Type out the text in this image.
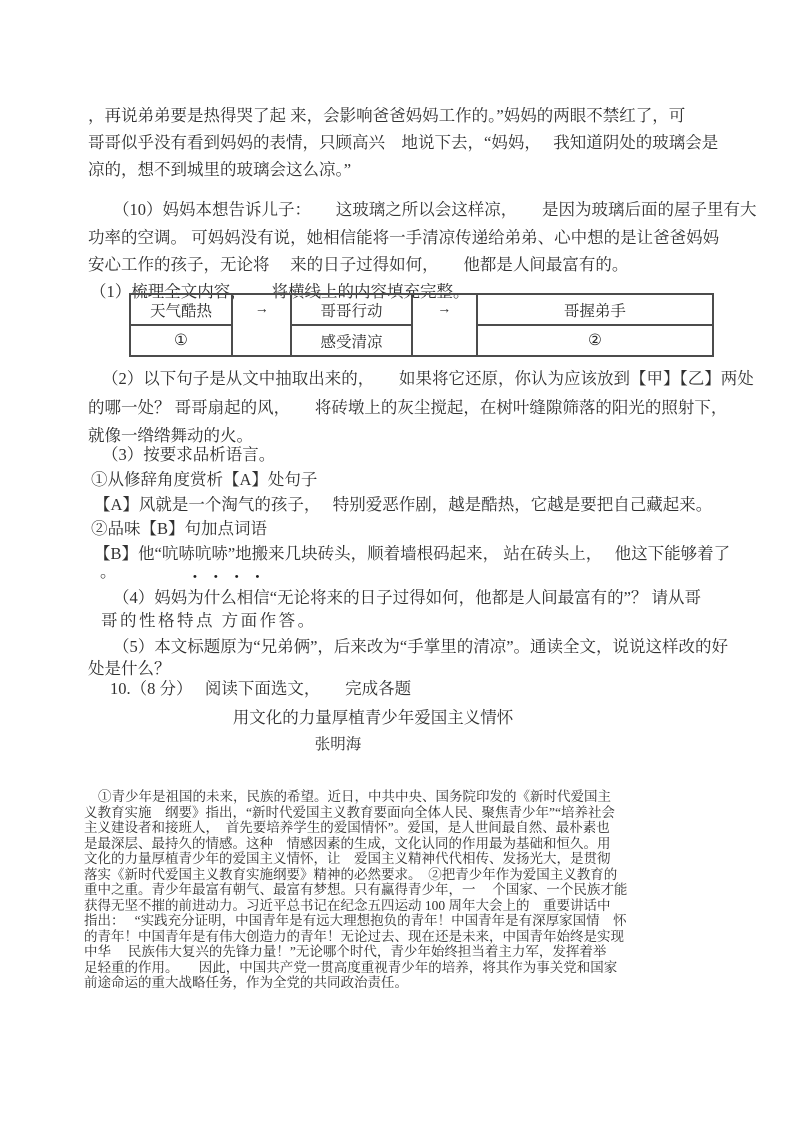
，再说弟弟要是热得哭了起 来，会影响爸爸妈妈工作的。”妈妈的两眼不禁红了，可
哥哥似乎没有看到妈妈的表情，只顾高兴　地说下去，“妈妈，　 我知道阴处的玻璃会是
凉的，想不到城里的玻璃会这么凉。”
（10）妈妈本想告诉儿子：　　这玻璃之所以会这样凉，　　是因为玻璃后面的屋子里有大
功率的空调。 可妈妈没有说，她相信能将一手清凉传递给弟弟、心中想的是让爸爸妈妈
安心工作的孩子，无论将　 来的日子过得如何，　　他都是人间最富有的。
（1）梳理全文内容，　　将横线上的内容填充完整。
天气酷热	→	哥哥行动	→	哥握弟手
①		感受清凉		②
（2）以下句子是从文中抽取出来的，　　如果将它还原，你认为应该放到【甲】【乙】两处
的哪一处？ 哥哥扇起的风，　　将砖墩上的灰尘搅起，在树叶缝隙筛落的阳光的照射下，
就像一绺绺舞动的火。
（3）按要求品析语言。
①从修辞角度赏析【A】处句子
【A】风就是一个淘气的孩子，　 特别爱恶作剧，越是酷热，它越是要把自己藏起来。
②品味【B】句加点词语
【B】他“吭哧吭哧”地搬来几块砖头，顺着墙根码起来， 站在砖头上，　 他这下能够着了
。	•　•　•　•
（4）妈妈为什么相信“无论将来的日子过得如何，他都是人间最富有的”？ 请从哥
哥的性格特点 方面作答。
（5）本文标题原为“兄弟俩”，后来改为“手掌里的清凉”。通读全文，说说这样改的好
处是什么？
10.（8 分）　 阅读下面选文，　　完成各题
用文化的力量厚植青少年爱国主义情怀
张明海
①青少年是祖国的未来，民族的希望。近日，中共中央、国务院印发的《新时代爱国主
义教育实施　纲要》指出，“新时代爱国主义教育要面向全体人民、聚焦青少年”“培养社会
主义建设者和接班人，　首先要培养学生的爱国情怀”。爱国，是人世间最自然、最朴素也
是最深层、最持久的情感。这种　情感因素的生成，文化认同的作用最为基础和恒久。用
文化的力量厚植青少年的爱国主义情怀，让　爱国主义精神代代相传、发扬光大，是贯彻
落实《新时代爱国主义教育实施纲要》精神的必然要求。　②把青少年作为爱国主义教育的
重中之重。青少年最富有朝气、最富有梦想。只有赢得青少年，一　 个国家、一个民族才能
获得无坚不摧的前进动力。习近平总书记在纪念五四运动 100 周年大会上的　重要讲话中
指出：　 “实践充分证明，中国青年是有远大理想抱负的青年！中国青年是有深厚家国情　怀
的青年！中国青年是有伟大创造力的青年！无论过去、现在还是未来，中国青年始终是实现
中华　 民族伟大复兴的先锋力量！”无论哪个时代，青少年始终担当着主力军，发挥着举
足轻重的作用。　　因此，中国共产党一贯高度重视青少年的培养，将其作为事关党和国家
前途命运的重大战略任务，作为全党的共同政治责任。
